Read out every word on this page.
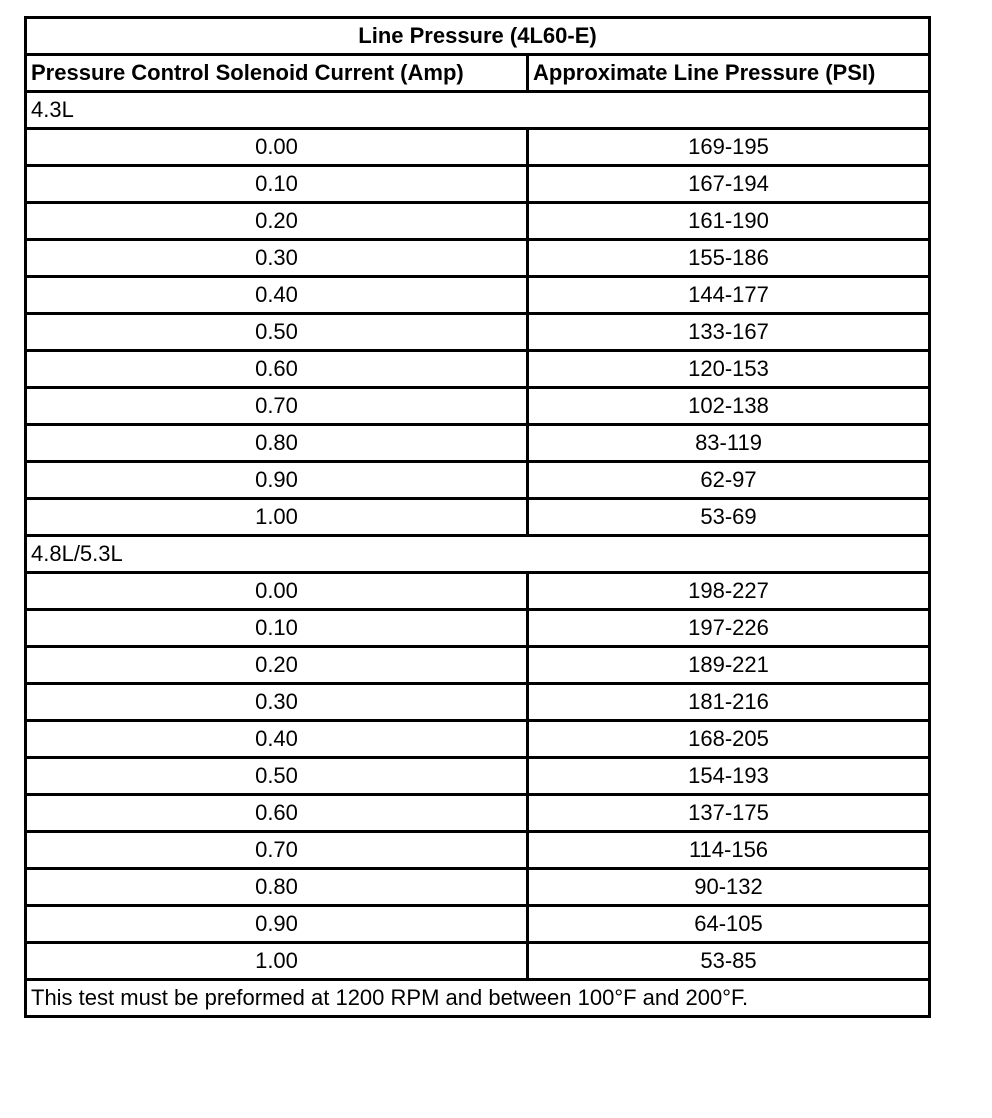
Line Pressure (4L60-E)	
Pressure Control Solenoid Current (Amp)	Approximate Line Pressure (PSI)
4.3L	
0.00	169-195
0.10	167-194
0.20	161-190
0.30	155-186
0.40	144-177
0.50	133-167
0.60	120-153
0.70	102-138
0.80	83-119
0.90	62-97
1.00	53-69
4.8L/5.3L	
0.00	198-227
0.10	197-226
0.20	189-221
0.30	181-216
0.40	168-205
0.50	154-193
0.60	137-175
0.70	114-156
0.80	90-132
0.90	64-105
1.00	53-85
This test must be preformed at 1200 RPM and between 100°F and 200°F.	
